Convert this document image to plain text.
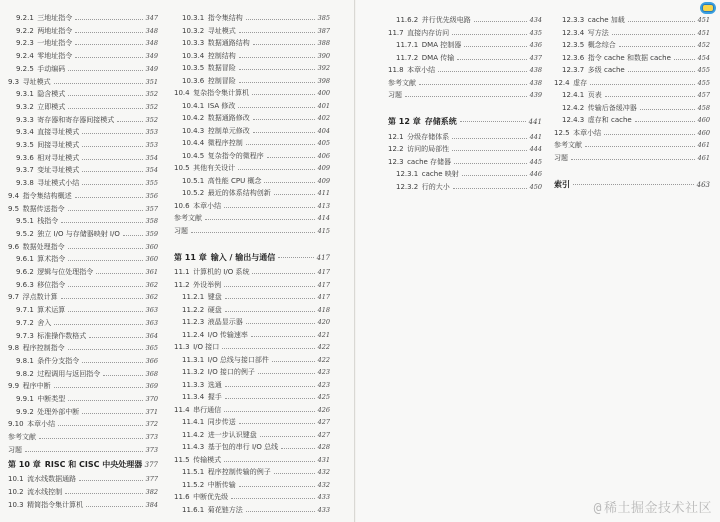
9.2.1 三地址指令	347
9.2.2 两地址指令	348
9.2.3 一地址指令	348
9.2.4 零地址指令	349
9.2.5 手动编码	349
9.3 寻址模式	351
9.3.1 隐含模式	352
9.3.2 立即模式	352
9.3.3 寄存器和寄存器间接模式	352
9.3.4 直接寻址模式	353
9.3.5 间接寻址模式	353
9.3.6 相对寻址模式	354
9.3.7 变址寻址模式	354
9.3.8 寻址模式小结	355
9.4 指令集结构概述	356
9.5 数据传送指令	357
9.5.1 栈指令	358
9.5.2 独立 I/O 与存储器映射 I/O	359
9.6 数据处理指令	360
9.6.1 算术指令	360
9.6.2 逻辑与位处理指令	361
9.6.3 移位指令	362
9.7 浮点数计算	362
9.7.1 算术运算	363
9.7.2 舍入	363
9.7.3 标准操作数格式	364
9.8 程序控制指令	365
9.8.1 条件分支指令	366
9.8.2 过程调用与返回指令	368
9.9 程序中断	369
9.9.1 中断类型	370
9.9.2 处理外部中断	371
9.10 本章小结	372
参考文献	373
习题	373
第 10 章 RISC 和 CISC 中央处理器 377
10.1 流水线数据通路	377
10.2 流水线控制	382
10.3 精简指令集计算机	384
10.3.1 指令集结构	385
10.3.2 寻址模式	387
10.3.3 数据通路结构	388
10.3.4 控制结构	390
10.3.5 数据冒险	392
10.3.6 控制冒险	398
10.4 复杂指令集计算机	400
10.4.1 ISA 修改	401
10.4.2 数据通路修改	402
10.4.3 控制单元修改	404
10.4.4 微程序控制	405
10.4.5 复杂指令的微程序	406
10.5 其他有关设计	409
10.5.1 高性能 CPU 概念	409
10.5.2 最近的体系结构创新	411
10.6 本章小结	413
参考文献	414
习题	415
第 11 章 输入 / 输出与通信	417
11.1 计算机的 I/O 系统	417
11.2 外设举例	417
11.2.1 键盘	417
11.2.2 硬盘	418
11.2.3 液晶显示器	420
11.2.4 I/O 传输速率	421
11.3 I/O 接口	422
11.3.1 I/O 总线与接口部件	422
11.3.2 I/O 接口的例子	423
11.3.3 选通	423
11.3.4 握手	425
11.4 串行通信	426
11.4.1 同步传送	427
11.4.2 进一步认识键盘	427
11.4.3 基于包的串行 I/O 总线	428
11.5 传输模式	431
11.5.1 程序控制传输的例子	432
11.5.2 中断传输	432
11.6 中断优先级	433
11.6.1 菊花链方法	433
11.6.2 并行优先级电路	434
11.7 直接内存访问	435
11.7.1 DMA 控制器	436
11.7.2 DMA 传输	437
11.8 本章小结	438
参考文献	438
习题	439
第 12 章 存储系统	441
12.1 分级存储体系	441
12.2 访问的局部性	444
12.3 cache 存储器	445
12.3.1 cache 映射	446
12.3.2 行的大小	450
12.3.3 cache 加载	451
12.3.4 写方法	451
12.3.5 概念综合	452
12.3.6 指令 cache 和数据 cache	454
12.3.7 多级 cache	455
12.4 虚存	455
12.4.1 页表	457
12.4.2 传输后备缓冲器	458
12.4.3 虚存和 cache	460
12.5 本章小结	460
参考文献	461
习题	461
索引	463
@ 稀土掘金技术社区
